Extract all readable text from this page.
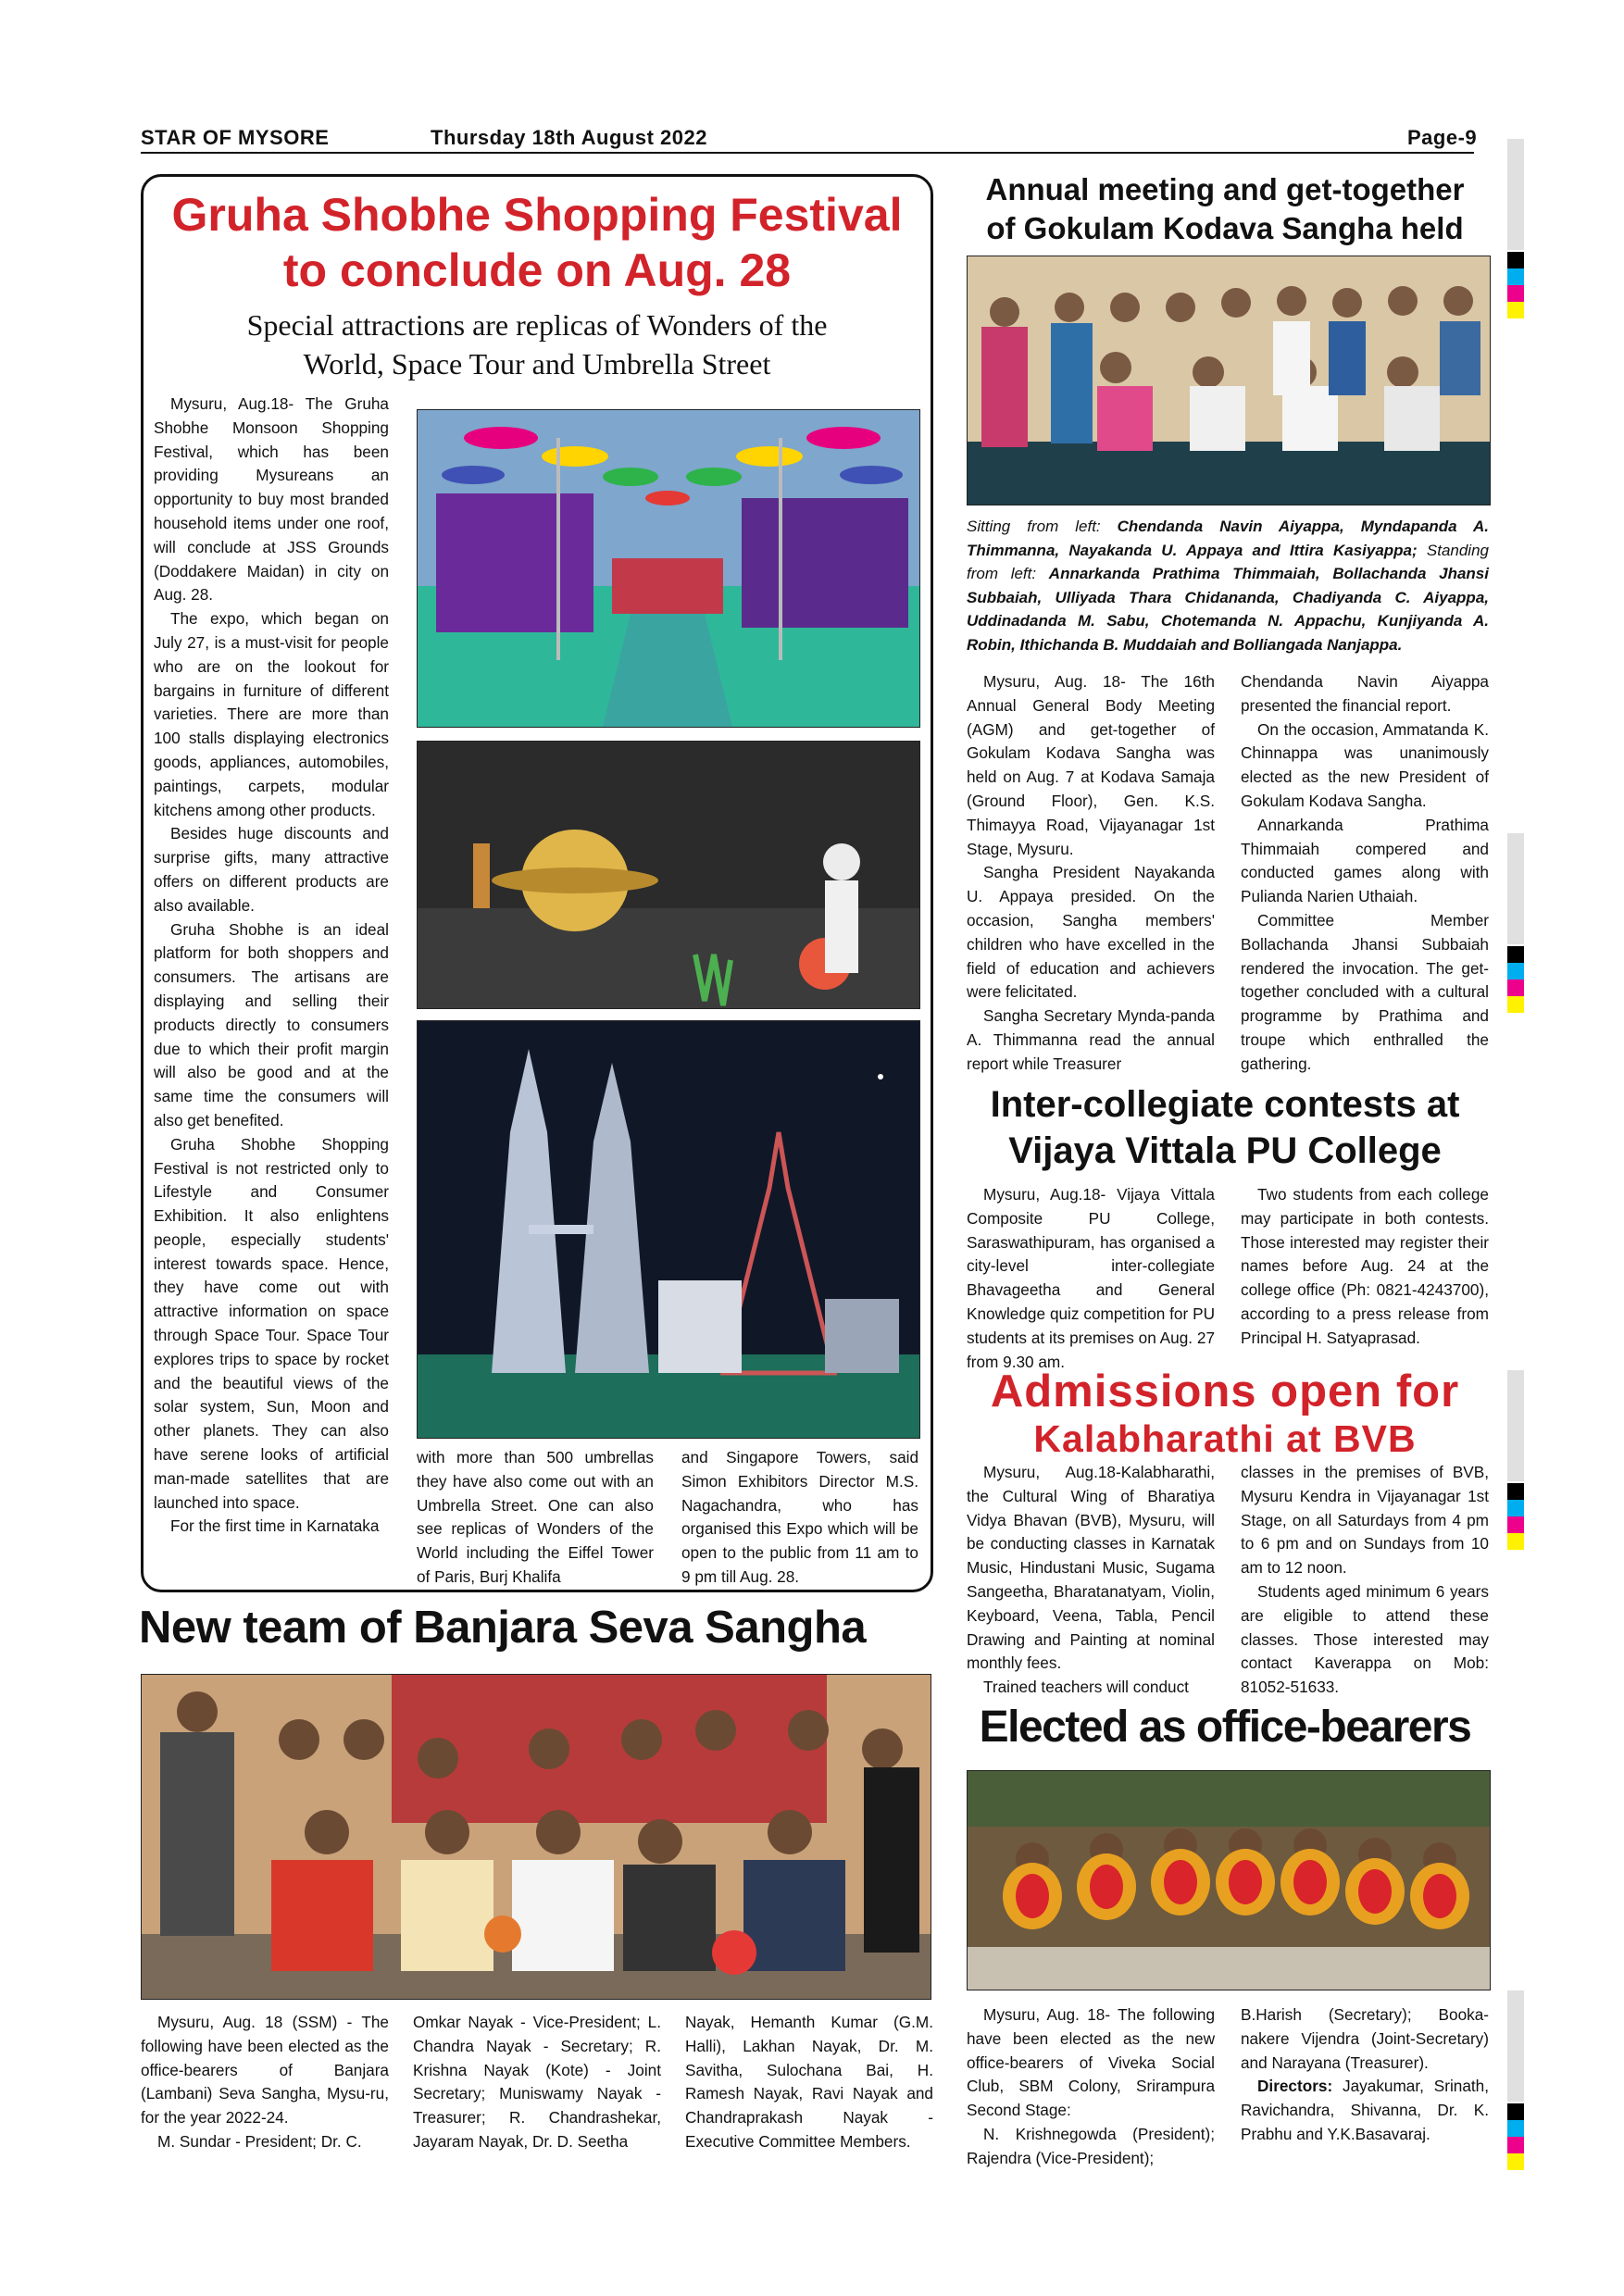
STAR OF MYSORE	Thursday 18th August 2022	Page-9
Gruha Shobhe Shopping Festival
to conclude on Aug. 28
Special attractions are replicas of Wonders of the
World, Space Tour and Umbrella Street

Mysuru, Aug.18- The Gruha Shobhe Monsoon Shopping Festival, which has been providing Mysureans an opportunity to buy most branded household items under one roof, will conclude at JSS Grounds (Doddakere Maidan) in city on Aug. 28.

The expo, which began on July 27, is a must-visit for people who are on the lookout for bargains in furniture of different varieties. There are more than 100 stalls displaying electronics goods, appliances, automobiles, paintings, carpets, modular kitchens among other products.

Besides huge discounts and surprise gifts, many attractive offers on different products are also available.

Gruha Shobhe is an ideal platform for both shoppers and consumers. The artisans are displaying and selling their products directly to consumers due to which their profit margin will also be good and at the same time the consumers will also get benefited.

Gruha Shobhe Shopping Festival is not restricted only to Lifestyle and Consumer Exhibition. It also enlightens people, especially students' interest towards space. Hence, they have come out with attractive information on space through Space Tour. Space Tour explores trips to space by rocket and the beautiful views of the solar system, Sun, Moon and other planets. They can also have serene looks of artificial man-made satellites that are launched into space.

For the first time in Karnataka

with more than 500 umbrellas they have also come out with an Umbrella Street. One can also see replicas of Wonders of the World including the Eiffel Tower of Paris, Burj Khalifa

and Singapore Towers, said Simon Exhibitors Director M.S. Nagachandra, who has organised this Expo which will be open to the public from 11 am to 9 pm till Aug. 28.

New team of Banjara Seva Sangha

Mysuru, Aug. 18 (SSM) - The following have been elected as the office-bearers of Banjara (Lambani) Seva Sangha, Mysu-ru, for the year 2022-24.

M. Sundar - President; Dr. C.

Omkar Nayak - Vice-President; L. Chandra Nayak - Secretary; R. Krishna Nayak (Kote) - Joint Secretary; Muniswamy Nayak - Treasurer; R. Chandrashekar, Jayaram Nayak, Dr. D. Seetha

Nayak, Hemanth Kumar (G.M. Halli), Lakhan Nayak, Dr. M. Savitha, Sulochana Bai, H. Ramesh Nayak, Ravi Nayak and Chandraprakash Nayak - Executive Committee Members.

Annual meeting and get-together
of Gokulam Kodava Sangha held
Sitting from left: Chendanda Navin Aiyappa, Myndapanda A. Thimmanna, Nayakanda U. Appaya and Ittira Kasiyappa; Standing from left: Annarkanda Prathima Thimmaiah, Bollachanda Jhansi Subbaiah, Ulliyada Thara Chidananda, Chadiyanda C. Aiyappa, Uddinadanda M. Sabu, Chotemanda N. Appachu, Kunjiyanda A. Robin, Ithichanda B. Muddaiah and Bolliangada Nanjappa.

Mysuru, Aug. 18- The 16th Annual General Body Meeting (AGM) and get-together of Gokulam Kodava Sangha was held on Aug. 7 at Kodava Samaja (Ground Floor), Gen. K.S. Thimayya Road, Vijayanagar 1st Stage, Mysuru.

Sangha President Nayakanda U. Appaya presided. On the occasion, Sangha members' children who have excelled in the field of education and achievers were felicitated.

Sangha Secretary Mynda-panda A. Thimmanna read the annual report while Treasurer

Chendanda Navin Aiyappa presented the financial report.

On the occasion, Ammatanda K. Chinnappa was unanimously elected as the new President of Gokulam Kodava Sangha.

Annarkanda Prathima Thimmaiah compered and conducted games along with Pulianda Narien Uthaiah.

Committee Member Bollachanda Jhansi Subbaiah rendered the invocation. The get-together concluded with a cultural programme by Prathima and troupe which enthralled the gathering.

Inter-collegiate contests at
Vijaya Vittala PU College

Mysuru, Aug.18- Vijaya Vittala Composite PU College, Saraswathipuram, has organised a city-level inter-collegiate Bhavageetha and General Knowledge quiz competition for PU students at its premises on Aug. 27 from 9.30 am.

Two students from each college may participate in both contests. Those interested may register their names before Aug. 24 at the college office (Ph: 0821-4243700), according to a press release from Principal H. Satyaprasad.

Admissions open for
Kalabharathi at BVB

Mysuru, Aug.18-Kalabharathi, the Cultural Wing of Bharatiya Vidya Bhavan (BVB), Mysuru, will be conducting classes in Karnatak Music, Hindustani Music, Sugama Sangeetha, Bharatanatyam, Violin, Keyboard, Veena, Tabla, Pencil Drawing and Painting at nominal monthly fees.

Trained teachers will conduct

classes in the premises of BVB, Mysuru Kendra in Vijayanagar 1st Stage, on all Saturdays from 4 pm to 6 pm and on Sundays from 10 am to 12 noon.

Students aged minimum 6 years are eligible to attend these classes. Those interested may contact Kaverappa on Mob: 81052-51633.

Elected as office-bearers

Mysuru, Aug. 18- The following have been elected as the new office-bearers of Viveka Social Club, SBM Colony, Srirampura Second Stage:

N. Krishnegowda (President); Rajendra (Vice-President);

B.Harish (Secretary); Booka-nakere Vijendra (Joint-Secretary) and Narayana (Treasurer).

Directors: Jayakumar, Srinath, Ravichandra, Shivanna, Dr. K. Prabhu and Y.K.Basavaraj.
